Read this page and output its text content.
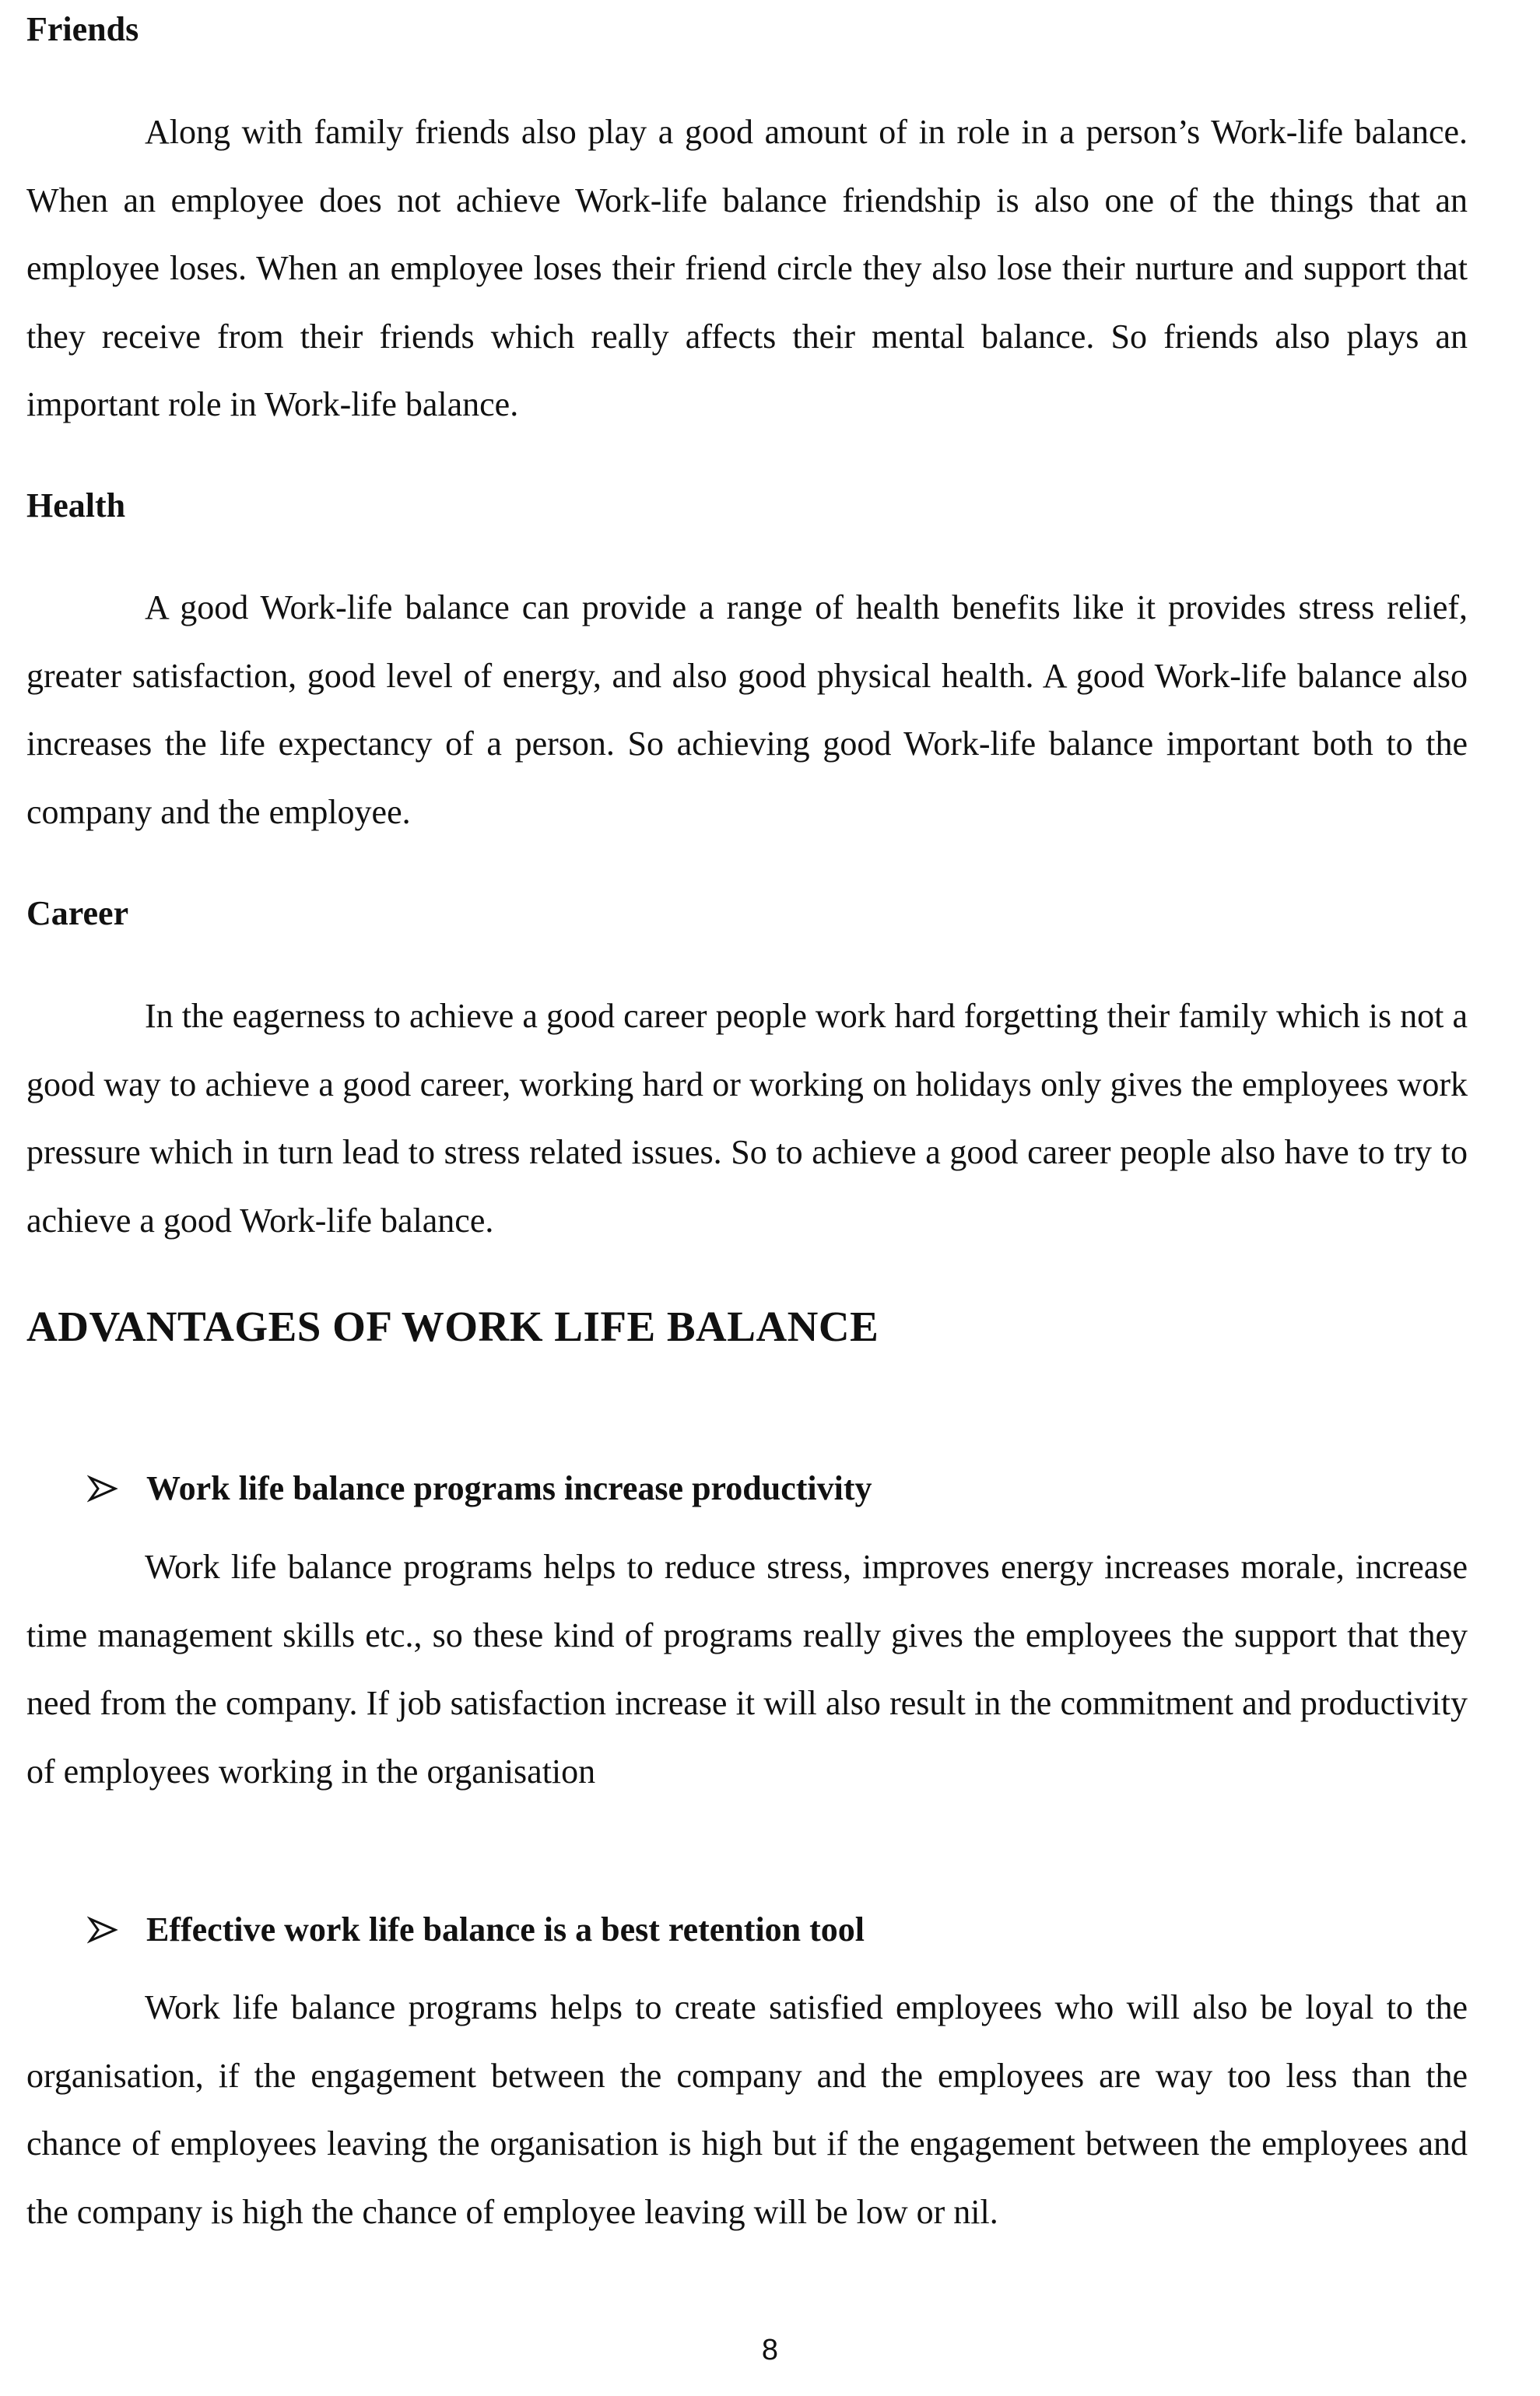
Friends

Along with family friends also play a good amount of in role in a person’s Work-life balance. When an employee does not achieve Work-life balance friendship is also one of the things that an employee loses. When an employee loses their friend circle they also lose their nurture and support that they receive from their friends which really affects their mental balance. So friends also plays an important role in Work-life balance.

Health

A good Work-life balance can provide a range of health benefits like it provides stress relief, greater satisfaction, good level of energy, and also good physical health. A good Work-life balance also increases the life expectancy of a person. So achieving good Work-life balance important both to the company and the employee.

Career

In the eagerness to achieve a good career people work hard forgetting their family which is not a good way to achieve a good career, working hard or working on holidays only gives the employees work pressure which in turn lead to stress related issues. So to achieve a good career people also have to try to achieve a good Work-life balance.

ADVANTAGES OF WORK LIFE BALANCE
Work life balance programs increase productivity

Work life balance programs helps to reduce stress, improves energy increases morale, increase time management skills etc., so these kind of programs really gives the employees the support that they need from the company. If job satisfaction increase it will also result in the commitment and productivity of employees working in the organisation

Effective work life balance is a best retention tool

Work life balance programs helps to create satisfied employees who will also be loyal to the organisation, if the engagement between the company and the employees are way too less than the chance of employees leaving the organisation is high but if the engagement between the employees and the company is high the chance of employee leaving will be low or nil.

8
